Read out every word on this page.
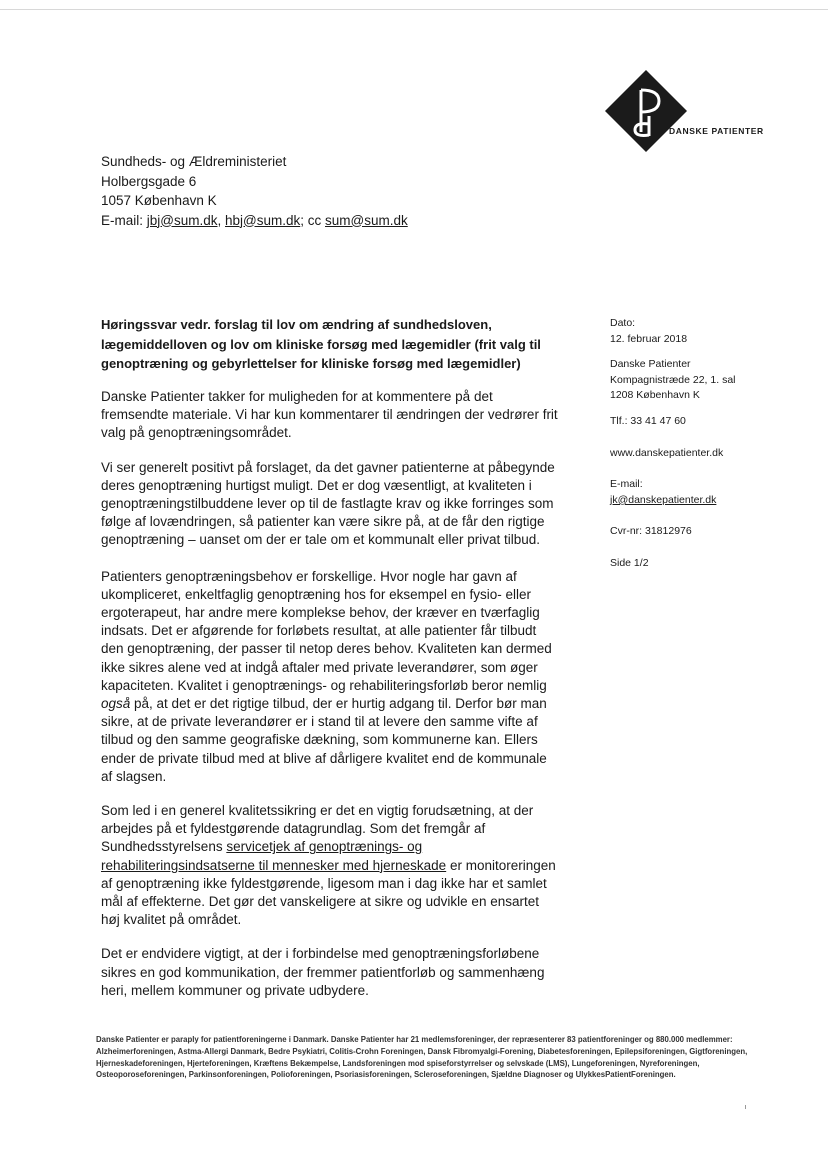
DANSKE PATIENTER
Sundheds- og Ældreministeriet
Holbergsgade 6
1057 København K
E-mail: jbj@sum.dk, hbj@sum.dk; cc sum@sum.dk
Høringssvar vedr. forslag til lov om ændring af sundhedsloven, lægemiddelloven og lov om kliniske forsøg med lægemidler (frit valg til genoptræning og gebyrlettelser for kliniske forsøg med lægemidler)
Dato:
12. februar 2018
Danske Patienter
Kompagnistræde 22, 1. sal
1208 København K
Tlf.: 33 41 47 60
www.danskepatienter.dk
E-mail:
jk@danskepatienter.dk
Cvr-nr: 31812976
Side 1/2

Danske Patienter takker for muligheden for at kommentere på det fremsendte materiale. Vi har kun kommentarer til ændringen der vedrører frit valg på genoptræningsområdet.

Vi ser generelt positivt på forslaget, da det gavner patienterne at påbegynde deres genoptræning hurtigst muligt. Det er dog væsentligt, at kvaliteten i genoptræningstilbuddene lever op til de fastlagte krav og ikke forringes som følge af lovændringen, så patienter kan være sikre på, at de får den rigtige genoptræning – uanset om der er tale om et kommunalt eller privat tilbud.

Patienters genoptræningsbehov er forskellige. Hvor nogle har gavn af ukompliceret, enkeltfaglig genoptræning hos for eksempel en fysio- eller ergoterapeut, har andre mere komplekse behov, der kræver en tværfaglig indsats. Det er afgørende for forløbets resultat, at alle patienter får tilbudt den genoptræning, der passer til netop deres behov. Kvaliteten kan dermed ikke sikres alene ved at indgå aftaler med private leverandører, som øger kapaciteten. Kvalitet i genoptrænings- og rehabiliteringsforløb beror nemlig også på, at det er det rigtige tilbud, der er hurtig adgang til. Derfor bør man sikre, at de private leverandører er i stand til at levere den samme vifte af tilbud og den samme geografiske dækning, som kommunerne kan. Ellers ender de private tilbud med at blive af dårligere kvalitet end de kommunale af slagsen.

Som led i en generel kvalitetssikring er det en vigtig forudsætning, at der arbejdes på et fyldestgørende datagrundlag. Som det fremgår af Sundhedsstyrelsens servicetjek af genoptrænings- og rehabiliteringsindsatserne til mennesker med hjerneskade er monitoreringen af genoptræning ikke fyldestgørende, ligesom man i dag ikke har et samlet mål af effekterne. Det gør det vanskeligere at sikre og udvikle en ensartet høj kvalitet på området.

Det er endvidere vigtigt, at der i forbindelse med genoptræningsforløbene sikres en god kommunikation, der fremmer patientforløb og sammenhæng heri, mellem kommuner og private udbydere.

Danske Patienter er paraply for patientforeningerne i Danmark. Danske Patienter har 21 medlemsforeninger, der repræsenterer 83 patientforeninger og 880.000 medlemmer: Alzheimerforeningen, Astma-Allergi Danmark, Bedre Psykiatri, Colitis-Crohn Foreningen, Dansk Fibromyalgi-Forening, Diabetesforeningen, Epilepsiforeningen, Gigtforeningen, Hjerneskadeforeningen, Hjerteforeningen, Kræftens Bekæmpelse, Landsforeningen mod spiseforstyrrelser og selvskade (LMS), Lungeforeningen, Nyreforeningen, Osteoporoseforeningen, Parkinsonforeningen, Polioforeningen, Psoriasisforeningen, Scleroseforeningen, Sjældne Diagnoser og UlykkesPatientForeningen.
